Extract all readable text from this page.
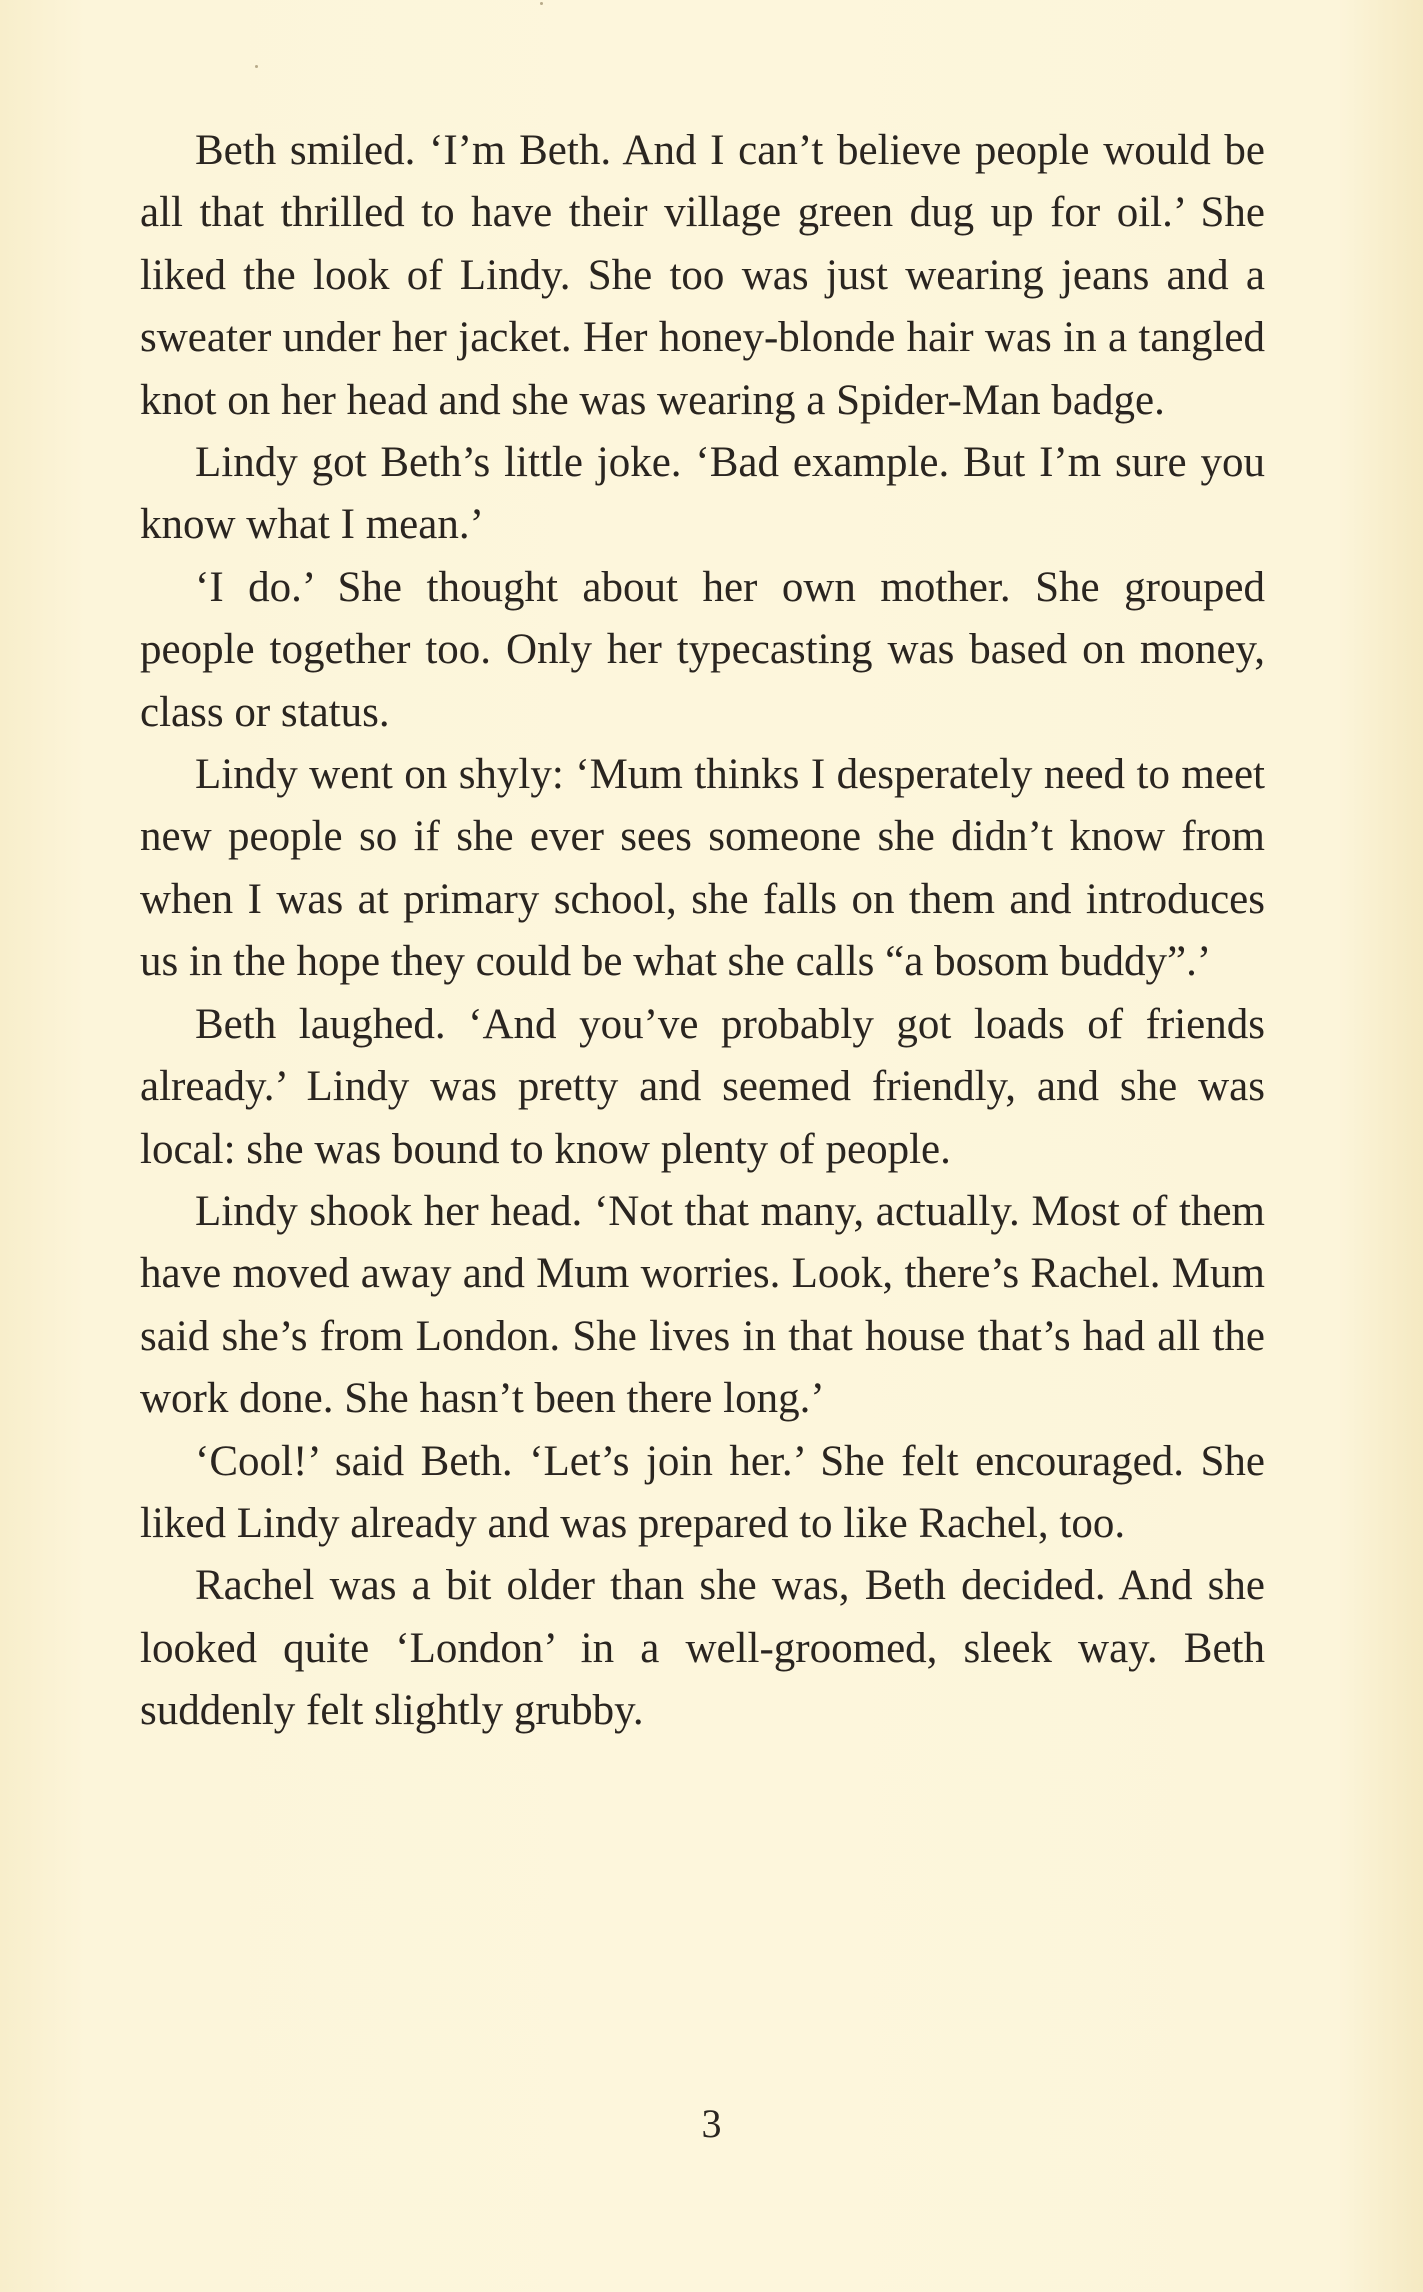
Beth smiled. ‘I’m Beth. And I can’t believe people would be all that thrilled to have their village green dug up for oil.’ She liked the look of Lindy. She too was just wearing jeans and a sweater under her jacket. Her honey-blonde hair was in a tangled knot on her head and she was wearing a Spider-Man badge.

Lindy got Beth’s little joke. ‘Bad example. But I’m sure you know what I mean.’

‘I do.’ She thought about her own mother. She grouped people together too. Only her typecasting was based on money, class or status.

Lindy went on shyly: ‘Mum thinks I desperately need to meet new people so if she ever sees someone she didn’t know from when I was at primary school, she falls on them and introduces us in the hope they could be what she calls “a bosom buddy”.’

Beth laughed. ‘And you’ve probably got loads of friends already.’ Lindy was pretty and seemed friendly, and she was local: she was bound to know plenty of people.

Lindy shook her head. ‘Not that many, actually. Most of them have moved away and Mum worries. Look, there’s Rachel. Mum said she’s from London. She lives in that house that’s had all the work done. She hasn’t been there long.’

‘Cool!’ said Beth. ‘Let’s join her.’ She felt encouraged. She liked Lindy already and was prepared to like Rachel, too.

Rachel was a bit older than she was, Beth decided. And she looked quite ‘London’ in a well-groomed, sleek way. Beth suddenly felt slightly grubby.

3
